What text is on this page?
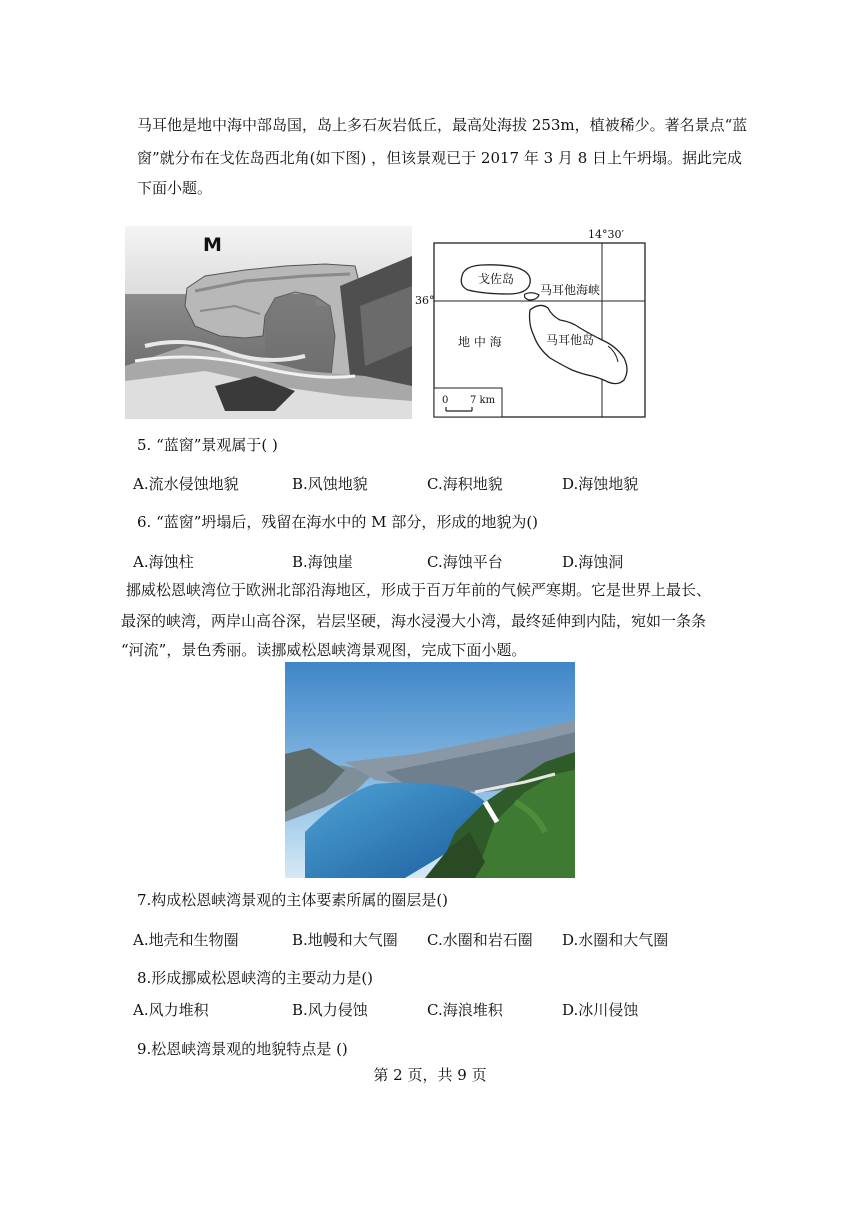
马耳他是地中海中部岛国，岛上多石灰岩低丘，最高处海拔 253m，植被稀少。著名景点“蓝
窗”就分布在戈佐岛西北角(如下图) ，但该景观已于 2017 年 3 月 8 日上午坍塌。据此完成
下面小题。
M	14°30′
36°
戈佐岛
马耳他海峡
地 中 海	马耳他岛
0 7 km
5. “蓝窗”景观属于( )
A.流水侵蚀地貌	B.风蚀地貌	C.海积地貌	D.海蚀地貌
6. “蓝窗”坍塌后，残留在海水中的 M 部分，形成的地貌为()
A.海蚀柱	B.海蚀崖	C.海蚀平台	D.海蚀洞
挪威松恩峡湾位于欧洲北部沿海地区，形成于百万年前的气候严寒期。它是世界上最长、
最深的峡湾，两岸山高谷深，岩层坚硬，海水浸漫大小湾，最终延伸到内陆，宛如一条条
“河流”，景色秀丽。读挪威松恩峡湾景观图，完成下面小题。
7.构成松恩峡湾景观的主体要素所属的圈层是()
A.地壳和生物圈	B.地幔和大气圈 C.水圈和岩石圈 D.水圈和大气圈
8.形成挪威松恩峡湾的主要动力是()
A.风力堆积	B.风力侵蚀	C.海浪堆积	D.冰川侵蚀
9.松恩峡湾景观的地貌特点是 ()
第 2 页，共 9 页
